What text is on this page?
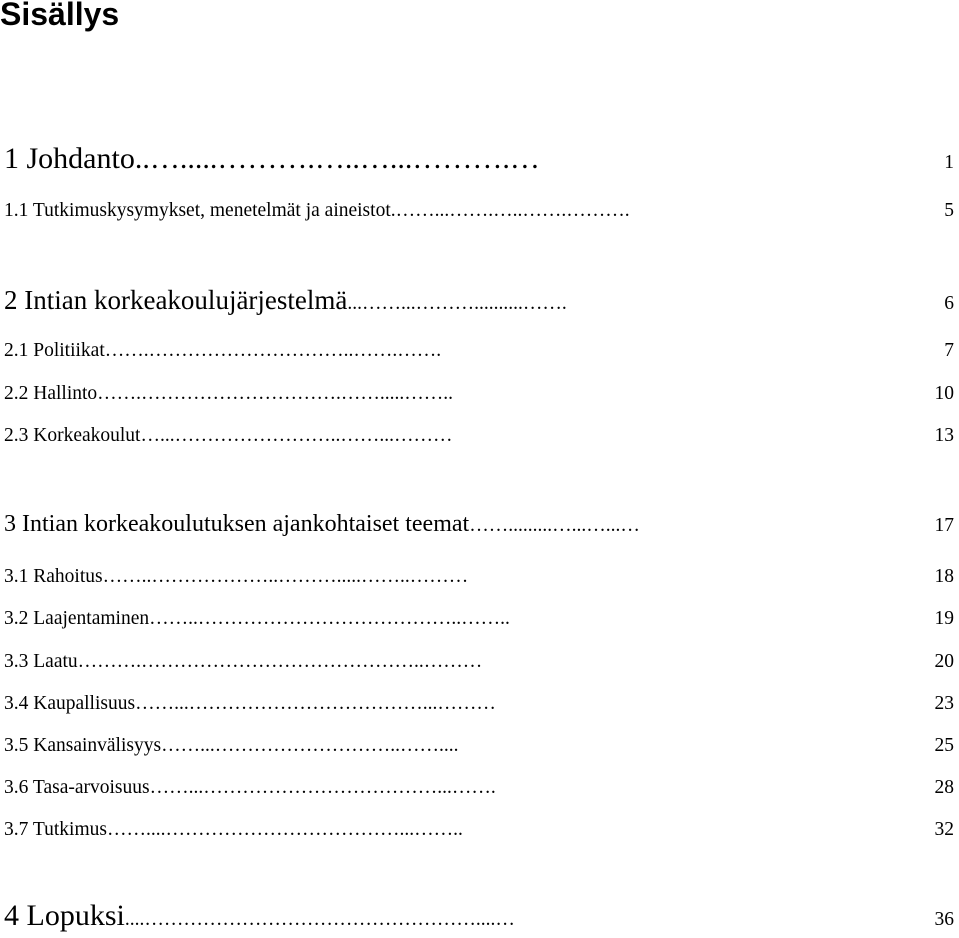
Sisällys
1 Johdanto ..….....……….…..…...……….…	1
1.1 Tutkimuskysymykset, menetelmät ja aineistot .……...…….…..…….……….	5
2 Intian korkeakoulujärjestelmä ...……...………..........…….	6
2.1 Politiikat …….…………………………..…….…….	7
2.2 Hallinto …….………………………….…….....……..	10
2.3 Korkeakoulut …...……………………..……...………	13
3 Intian korkeakoulutuksen ajankohtaiset teemat …….........…...…...…	17
3.1 Rahoitus ……..………………..……….....……..………	18
3.2 Laajentaminen ……..…………………………………..……..	19
3.3 Laatu ……….……………………………………..………	20
3.4 Kaupallisuus ……...………………………………...………	23
3.5 Kansainvälisyys ……...………………………..……....	25
3.6 Tasa-arvoisuus ……...………………………………...…….	28
3.7 Tutkimus ……....………………………………...……..	32
4 Lopuksi ....……………………………………………....…	36
